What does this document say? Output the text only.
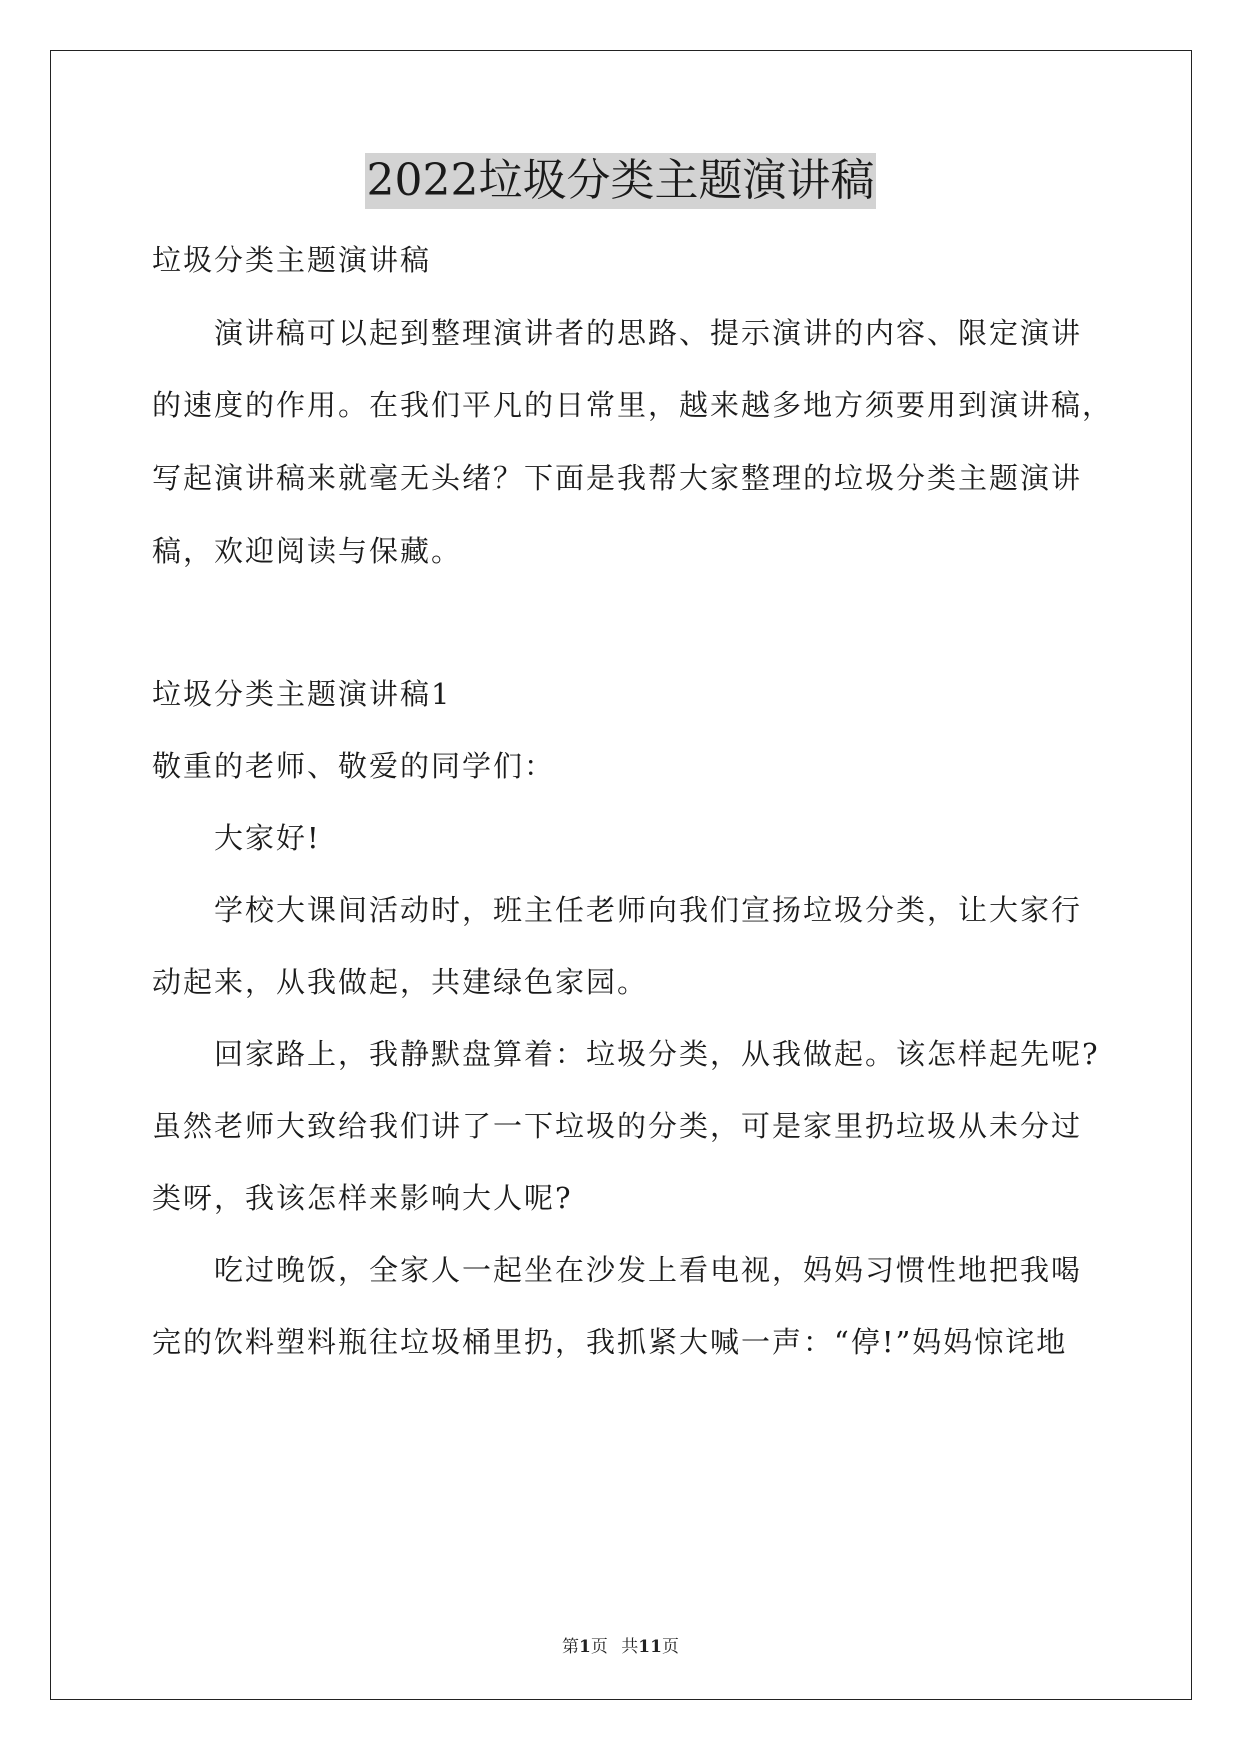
2022垃圾分类主题演讲稿

垃圾分类主题演讲稿

演讲稿可以起到整理演讲者的思路、提示演讲的内容、限定演讲

的速度的作用。在我们平凡的日常里，越来越多地方须要用到演讲稿，

写起演讲稿来就毫无头绪？下面是我帮大家整理的垃圾分类主题演讲

稿，欢迎阅读与保藏。

垃圾分类主题演讲稿1

敬重的老师、敬爱的同学们：

大家好!

学校大课间活动时，班主任老师向我们宣扬垃圾分类，让大家行

动起来，从我做起，共建绿色家园。

回家路上，我静默盘算着：垃圾分类，从我做起。该怎样起先呢?

虽然老师大致给我们讲了一下垃圾的分类，可是家里扔垃圾从未分过

类呀，我该怎样来影响大人呢?

吃过晚饭，全家人一起坐在沙发上看电视，妈妈习惯性地把我喝

完的饮料塑料瓶往垃圾桶里扔，我抓紧大喊一声：“停!”妈妈惊诧地

第1页 共11页
